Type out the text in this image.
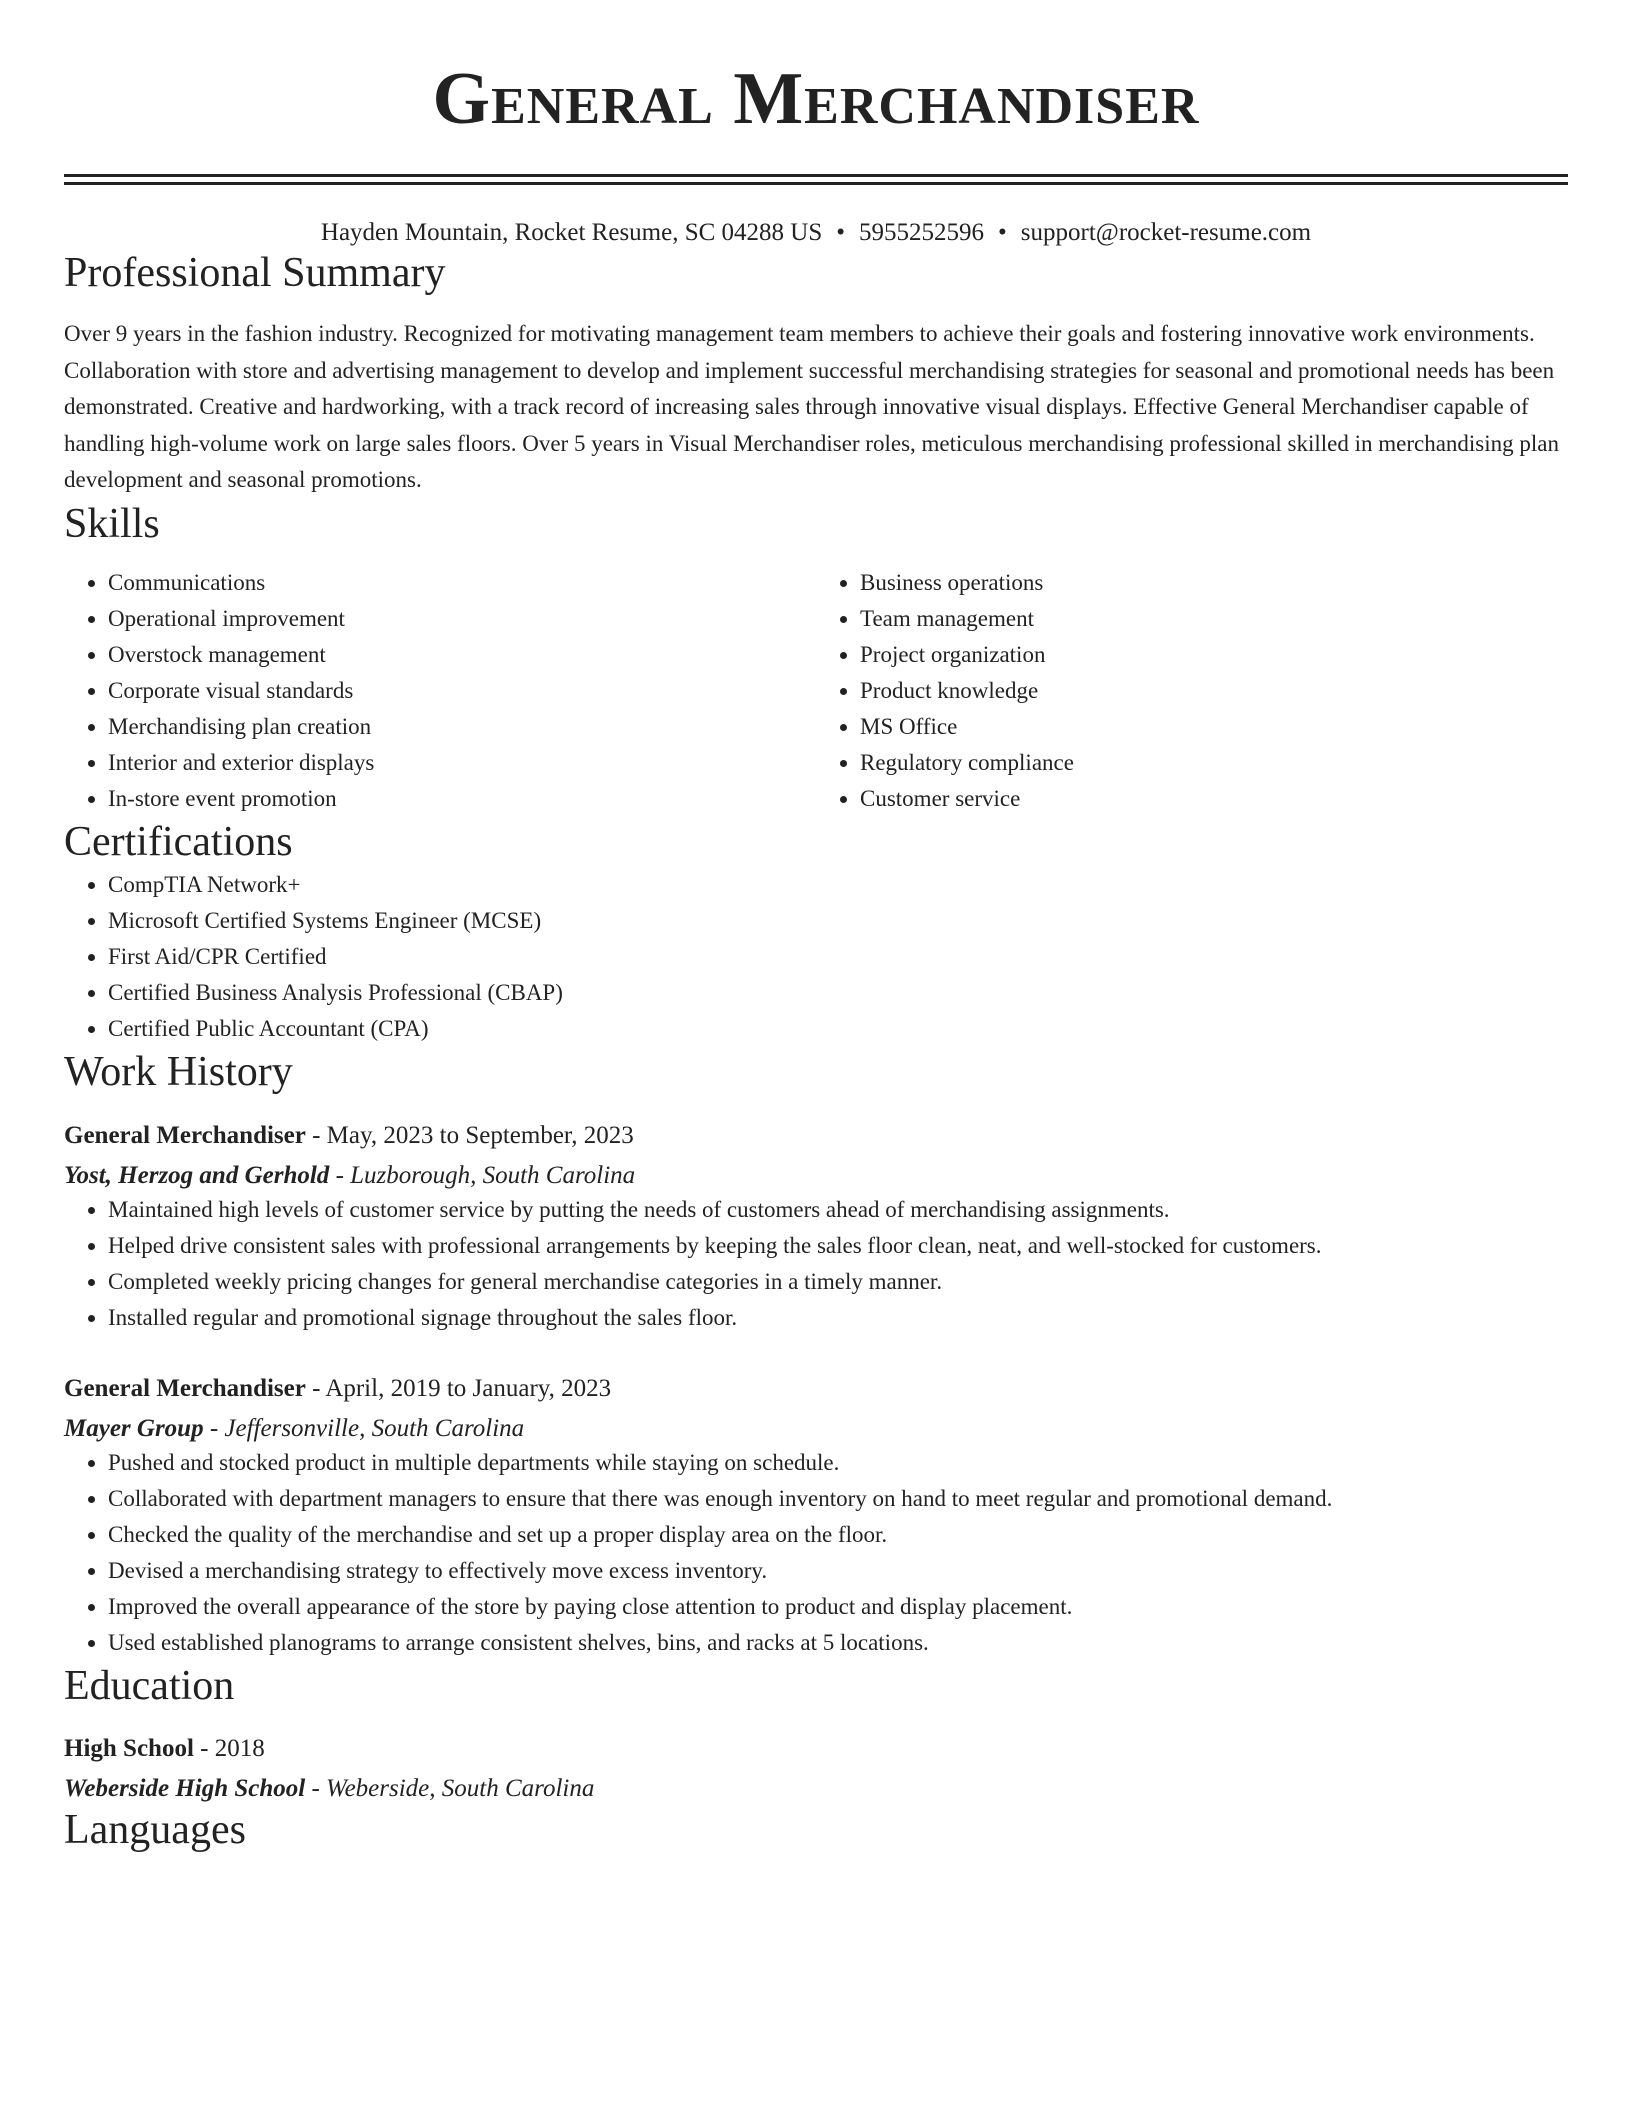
General Merchandiser
Hayden Mountain, Rocket Resume, SC 04288 US • 5955252596 • support@rocket-resume.com
Professional Summary
Over 9 years in the fashion industry. Recognized for motivating management team members to achieve their goals and fostering innovative work environments. Collaboration with store and advertising management to develop and implement successful merchandising strategies for seasonal and promotional needs has been demonstrated. Creative and hardworking, with a track record of increasing sales through innovative visual displays. Effective General Merchandiser capable of handling high-volume work on large sales floors. Over 5 years in Visual Merchandiser roles, meticulous merchandising professional skilled in merchandising plan development and seasonal promotions.
Skills
• Communications
• Operational improvement
• Overstock management
• Corporate visual standards
• Merchandising plan creation
• Interior and exterior displays
• In-store event promotion
• Business operations
• Team management
• Project organization
• Product knowledge
• MS Office
• Regulatory compliance
• Customer service
Certifications
• CompTIA Network+
• Microsoft Certified Systems Engineer (MCSE)
• First Aid/CPR Certified
• Certified Business Analysis Professional (CBAP)
• Certified Public Accountant (CPA)
Work History
General Merchandiser - May, 2023 to September, 2023
Yost, Herzog and Gerhold - Luzborough, South Carolina
• Maintained high levels of customer service by putting the needs of customers ahead of merchandising assignments.
• Helped drive consistent sales with professional arrangements by keeping the sales floor clean, neat, and well-stocked for customers.
• Completed weekly pricing changes for general merchandise categories in a timely manner.
• Installed regular and promotional signage throughout the sales floor.
General Merchandiser - April, 2019 to January, 2023
Mayer Group - Jeffersonville, South Carolina
• Pushed and stocked product in multiple departments while staying on schedule.
• Collaborated with department managers to ensure that there was enough inventory on hand to meet regular and promotional demand.
• Checked the quality of the merchandise and set up a proper display area on the floor.
• Devised a merchandising strategy to effectively move excess inventory.
• Improved the overall appearance of the store by paying close attention to product and display placement.
• Used established planograms to arrange consistent shelves, bins, and racks at 5 locations.
Education
High School - 2018
Weberside High School - Weberside, South Carolina
Languages
